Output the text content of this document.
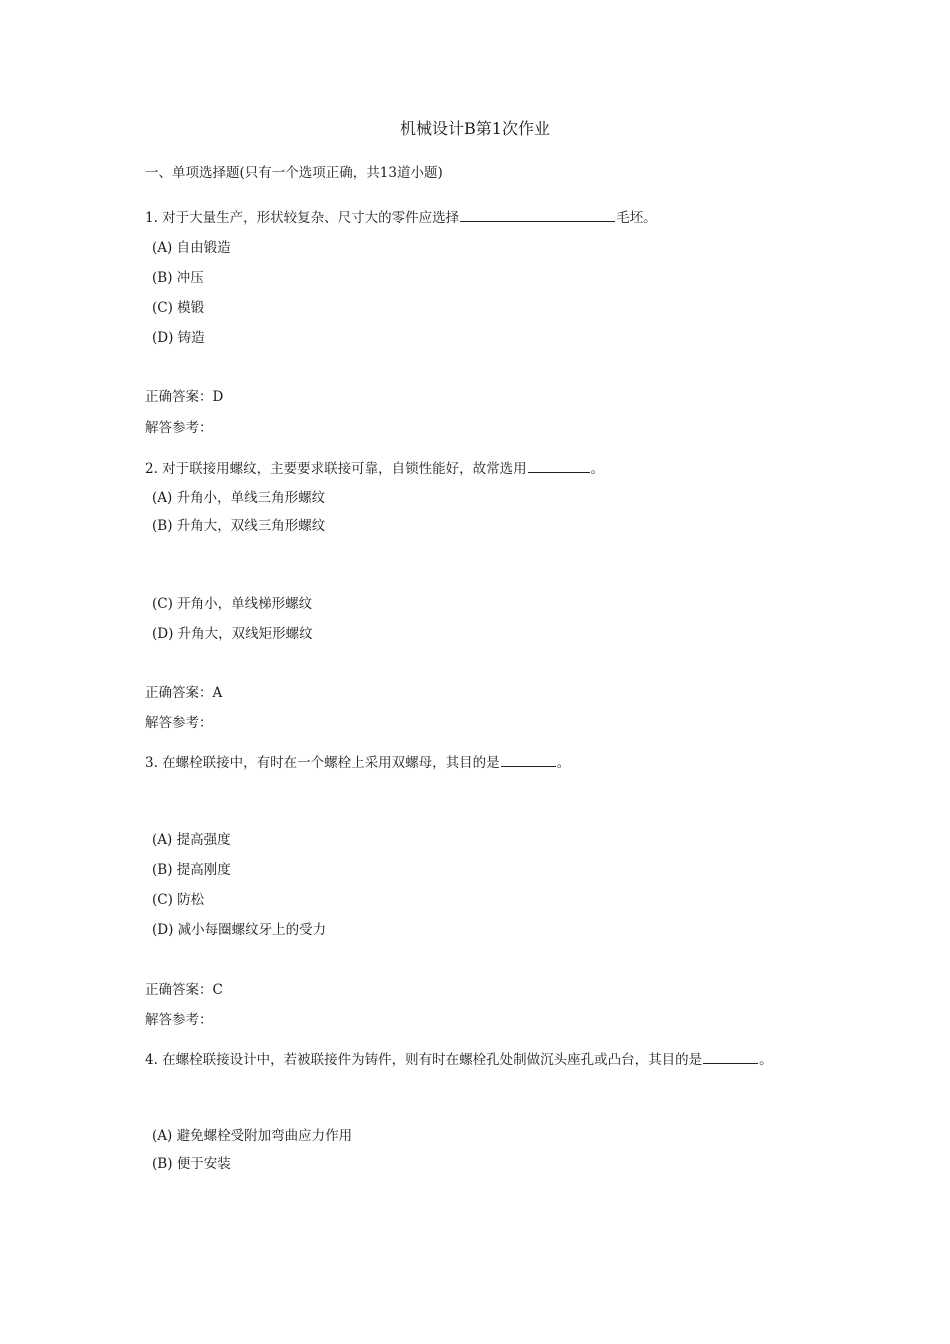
机械设计B第1次作业
一、单项选择题(只有一个选项正确，共13道小题)
1. 对于大量生产，形状较复杂、尺寸大的零件应选择	毛坯。
(A) 自由锻造
(B) 冲压
(C) 模锻
(D) 铸造
正确答案：D
解答参考：
2. 对于联接用螺纹，主要要求联接可靠，自锁性能好，故常选用	。
(A) 升角小，单线三角形螺纹
(B) 升角大，双线三角形螺纹
(C) 开角小，单线梯形螺纹
(D) 升角大，双线矩形螺纹
正确答案：A
解答参考：
3. 在螺栓联接中，有时在一个螺栓上采用双螺母，其目的是	。
(A) 提高强度
(B) 提高刚度
(C) 防松
(D) 减小每圈螺纹牙上的受力
正确答案：C
解答参考：
4. 在螺栓联接设计中，若被联接件为铸件，则有时在螺栓孔处制做沉头座孔或凸台，其目的是	。
(A) 避免螺栓受附加弯曲应力作用
(B) 便于安装
